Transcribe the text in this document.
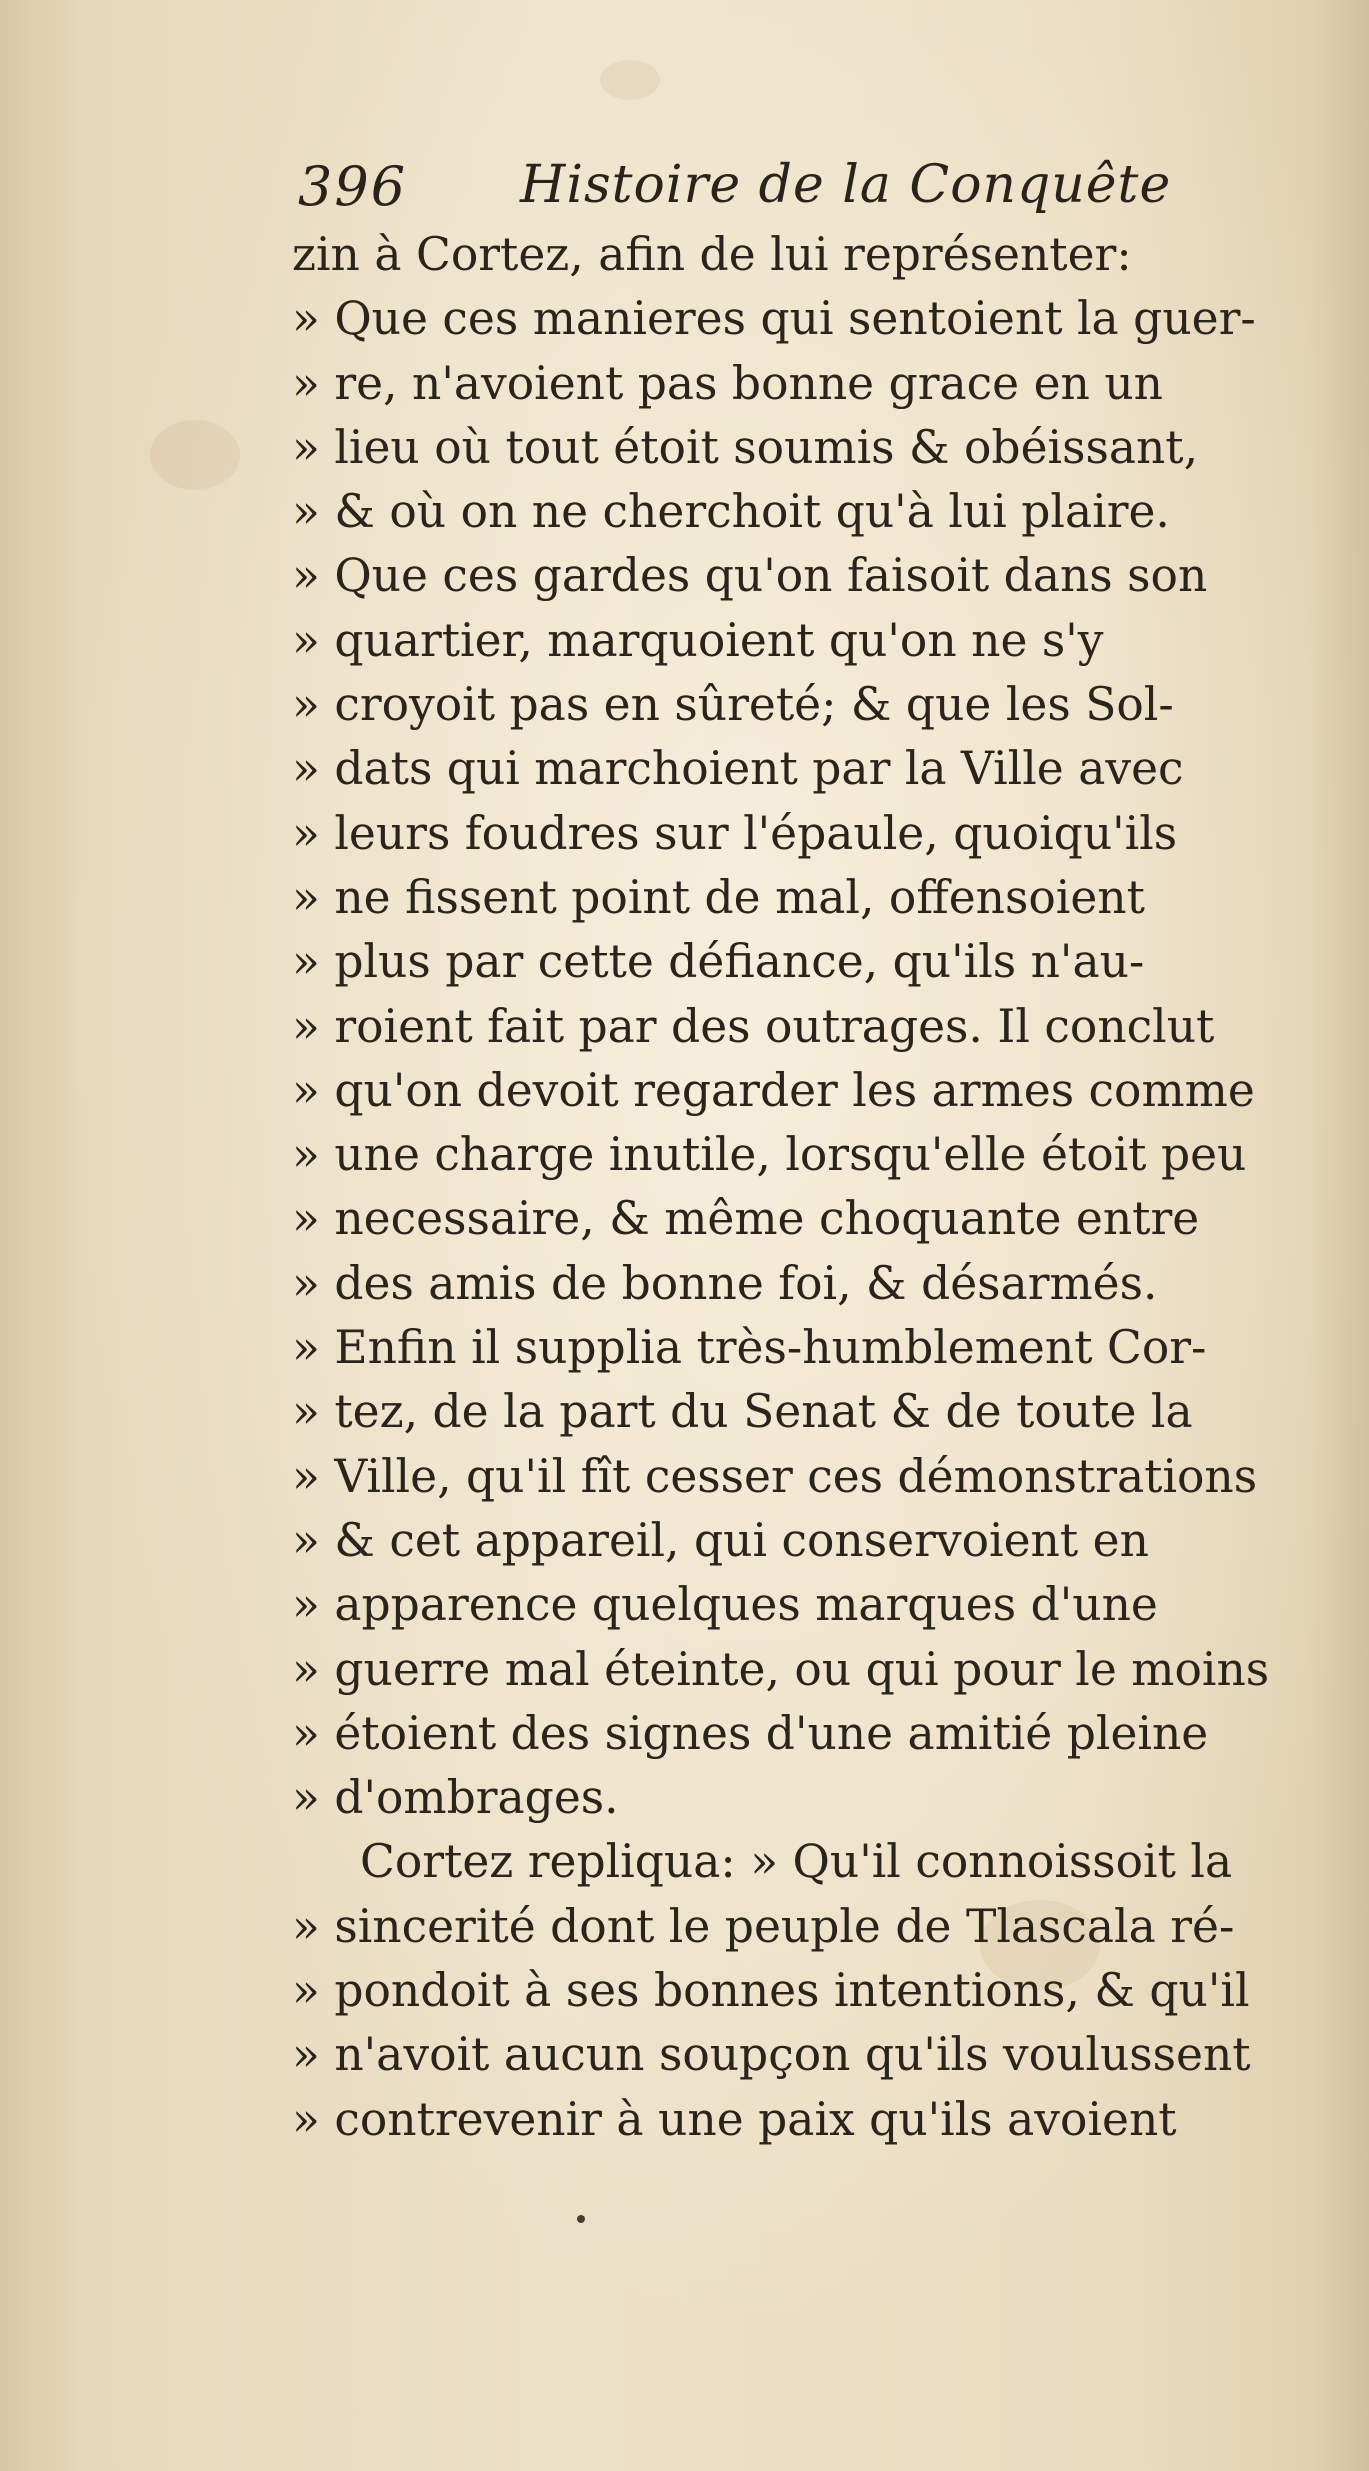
396 Histoire de la Conquête
zin à Cortez, afin de lui représenter:
» Que ces manieres qui sentoient la guer-
» re, n'avoient pas bonne grace en un
» lieu où tout étoit soumis & obéissant,
» & où on ne cherchoit qu'à lui plaire.
» Que ces gardes qu'on faisoit dans son
» quartier, marquoient qu'on ne s'y
» croyoit pas en sûreté; & que les Sol-
» dats qui marchoient par la Ville avec
» leurs foudres sur l'épaule, quoiqu'ils
» ne fissent point de mal, offensoient
» plus par cette défiance, qu'ils n'au-
» roient fait par des outrages. Il conclut
» qu'on devoit regarder les armes comme
» une charge inutile, lorsqu'elle étoit peu
» necessaire, & même choquante entre
» des amis de bonne foi, & désarmés.
» Enfin il supplia très-humblement Cor-
» tez, de la part du Senat & de toute la
» Ville, qu'il fît cesser ces démonstrations
» & cet appareil, qui conservoient en
» apparence quelques marques d'une
» guerre mal éteinte, ou qui pour le moins
» étoient des signes d'une amitié pleine
» d'ombrages.
Cortez repliqua: » Qu'il connoissoit la
» sincerité dont le peuple de Tlascala ré-
» pondoit à ses bonnes intentions, & qu'il
» n'avoit aucun soupçon qu'ils voulussent
» contrevenir à une paix qu'ils avoient
